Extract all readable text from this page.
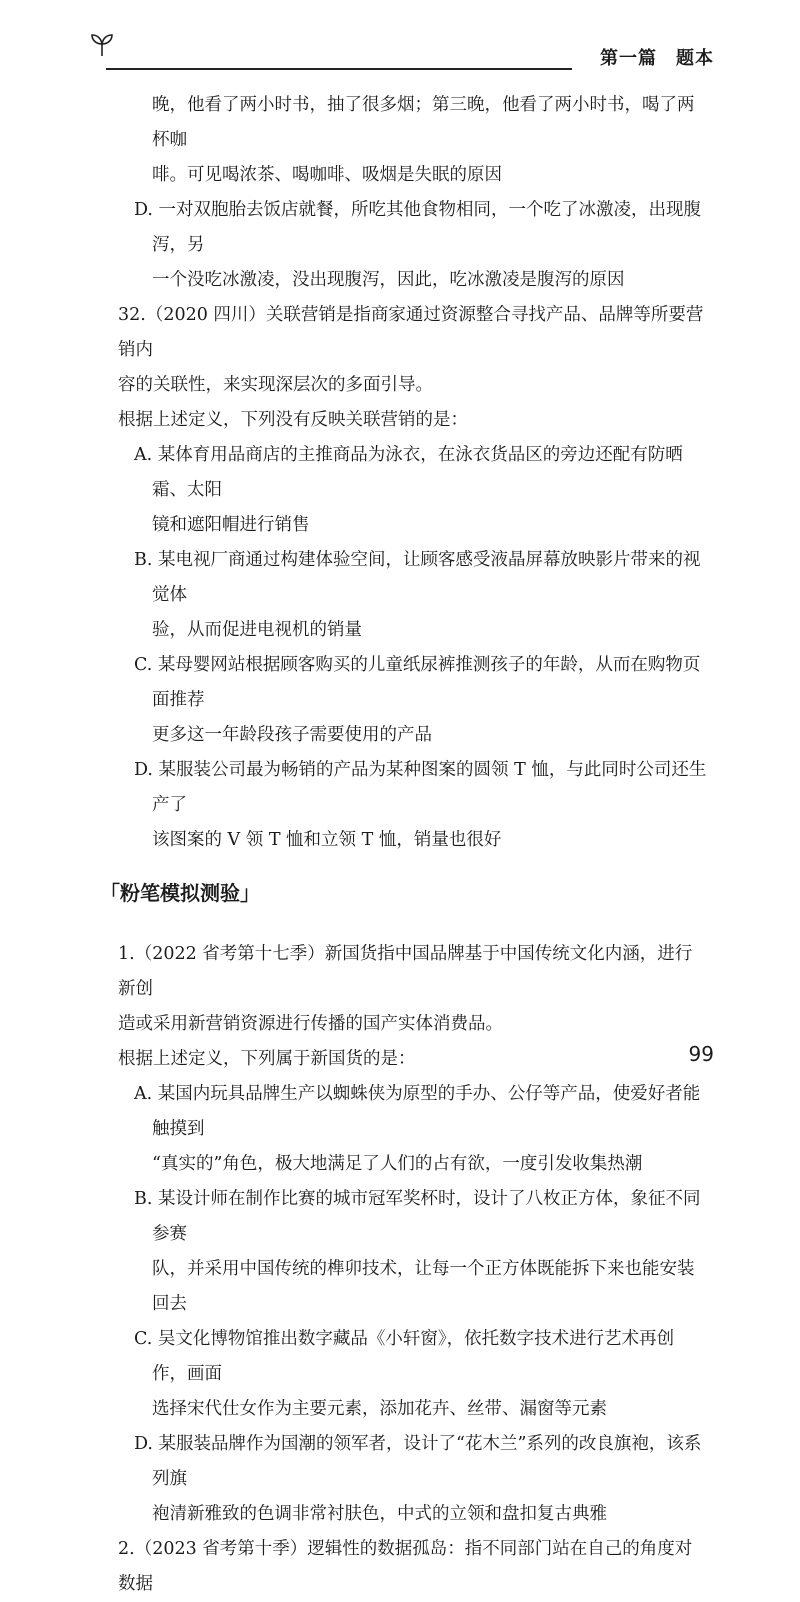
第一篇　题本

晚，他看了两小时书，抽了很多烟；第三晚，他看了两小时书，喝了两杯咖

啡。可见喝浓茶、喝咖啡、吸烟是失眠的原因

D. 一对双胞胎去饭店就餐，所吃其他食物相同，一个吃了冰激凌，出现腹泻，另
一个没吃冰激凌，没出现腹泻，因此，吃冰激凌是腹泻的原因

32.（2020 四川）关联营销是指商家通过资源整合寻找产品、品牌等所要营销内

容的关联性，来实现深层次的多面引导。

根据上述定义，下列没有反映关联营销的是：

A. 某体育用品商店的主推商品为泳衣，在泳衣货品区的旁边还配有防晒霜、太阳
镜和遮阳帽进行销售

B. 某电视厂商通过构建体验空间，让顾客感受液晶屏幕放映影片带来的视觉体
验，从而促进电视机的销量

C. 某母婴网站根据顾客购买的儿童纸尿裤推测孩子的年龄，从而在购物页面推荐
更多这一年龄段孩子需要使用的产品

D. 某服装公司最为畅销的产品为某种图案的圆领 T 恤，与此同时公司还生产了
该图案的 V 领 T 恤和立领 T 恤，销量也很好

「粉笔模拟测验」

1.（2022 省考第十七季）新国货指中国品牌基于中国传统文化内涵，进行新创

造或采用新营销资源进行传播的国产实体消费品。

根据上述定义，下列属于新国货的是：

A. 某国内玩具品牌生产以蜘蛛侠为原型的手办、公仔等产品，使爱好者能触摸到
“真实的”角色，极大地满足了人们的占有欲，一度引发收集热潮

B. 某设计师在制作比赛的城市冠军奖杯时，设计了八枚正方体，象征不同参赛
队，并采用中国传统的榫卯技术，让每一个正方体既能拆下来也能安装回去

C. 吴文化博物馆推出数字藏品《小轩窗》，依托数字技术进行艺术再创作，画面
选择宋代仕女作为主要元素，添加花卉、丝带、漏窗等元素

D. 某服装品牌作为国潮的领军者，设计了“花木兰”系列的改良旗袍，该系列旗
袍清新雅致的色调非常衬肤色，中式的立领和盘扣复古典雅

2.（2023 省考第十季）逻辑性的数据孤岛：指不同部门站在自己的角度对数据

99
